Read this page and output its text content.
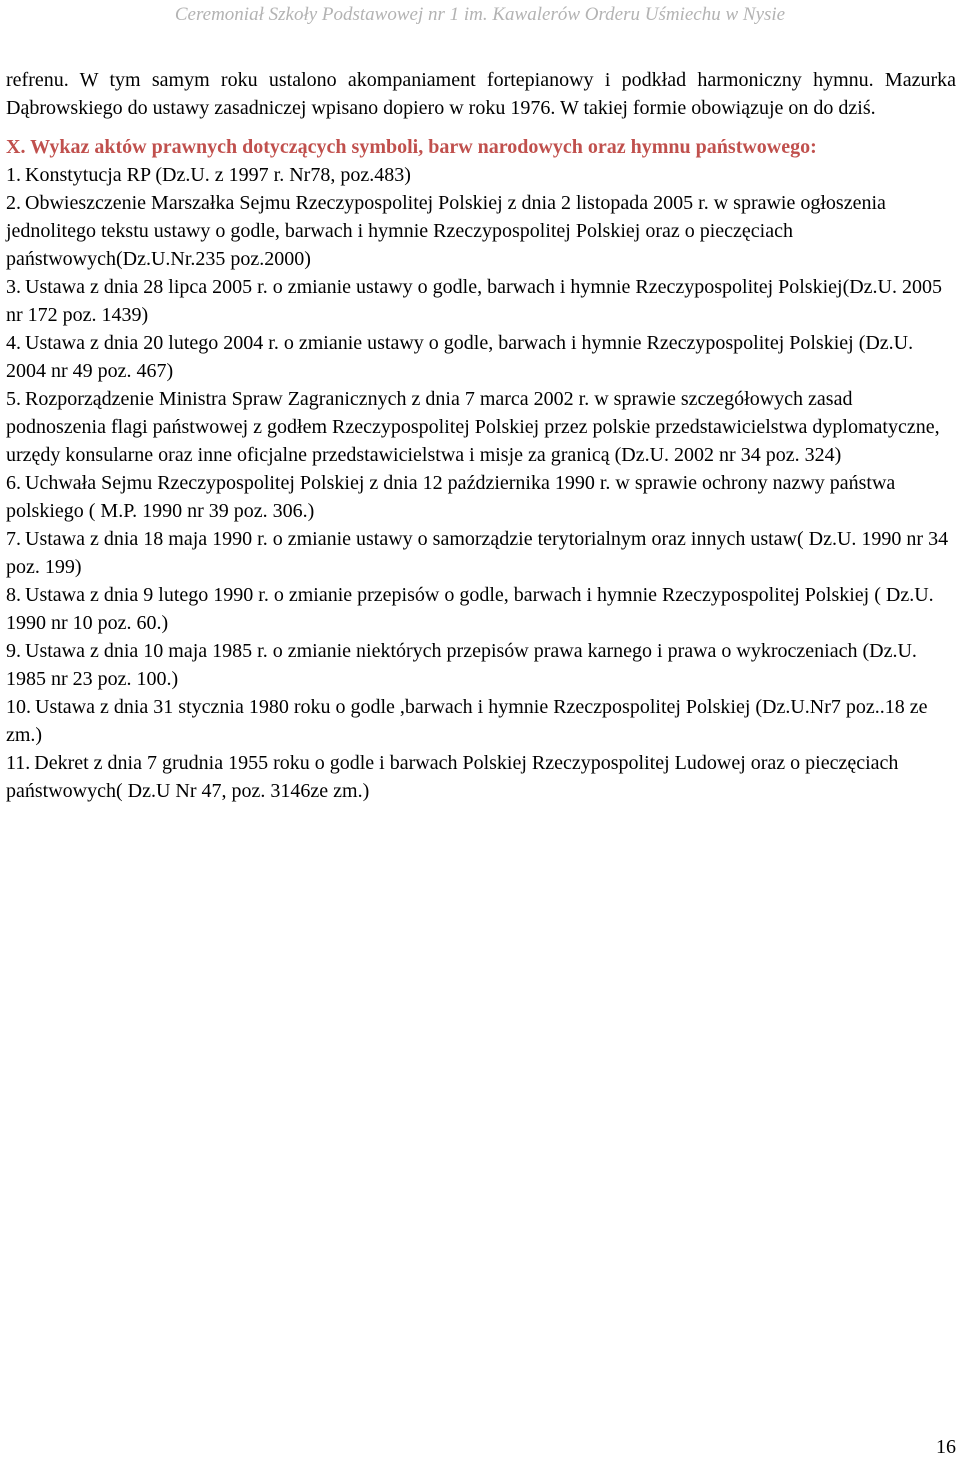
Ceremoniał Szkoły Podstawowej nr 1 im. Kawalerów Orderu Uśmiechu w Nysie

refrenu. W tym samym roku ustalono akompaniament fortepianowy i podkład harmoniczny hymnu. Mazurka Dąbrowskiego do ustawy zasadniczej wpisano dopiero w roku 1976. W takiej formie obowiązuje on do dziś.

X. Wykaz aktów prawnych dotyczących symboli, barw narodowych oraz hymnu państwowego:

1. Konstytucja RP (Dz.U. z 1997 r. Nr78, poz.483)
2. Obwieszczenie Marszałka Sejmu Rzeczypospolitej Polskiej z dnia 2 listopada 2005 r. w sprawie ogłoszenia jednolitego tekstu ustawy o godle, barwach i hymnie Rzeczypospolitej Polskiej oraz o pieczęciach państwowych(Dz.U.Nr.235 poz.2000)
3. Ustawa z dnia 28 lipca 2005 r. o zmianie ustawy o godle, barwach i hymnie Rzeczypospolitej Polskiej(Dz.U. 2005 nr 172 poz. 1439)
4. Ustawa z dnia 20 lutego 2004 r. o zmianie ustawy o godle, barwach i hymnie Rzeczypospolitej Polskiej (Dz.U. 2004 nr 49 poz. 467)
5. Rozporządzenie Ministra Spraw Zagranicznych z dnia 7 marca 2002 r. w sprawie szczegółowych zasad podnoszenia flagi państwowej z godłem Rzeczypospolitej Polskiej przez polskie przedstawicielstwa dyplomatyczne, urzędy konsularne oraz inne oficjalne przedstawicielstwa i misje za granicą (Dz.U. 2002 nr 34 poz. 324)
6. Uchwała Sejmu Rzeczypospolitej Polskiej z dnia 12 października 1990 r. w sprawie ochrony nazwy państwa polskiego ( M.P. 1990 nr 39 poz. 306.)
7. Ustawa z dnia 18 maja 1990 r. o zmianie ustawy o samorządzie terytorialnym oraz innych ustaw( Dz.U. 1990 nr 34 poz. 199)
8. Ustawa z dnia 9 lutego 1990 r. o zmianie przepisów o godle, barwach i hymnie Rzeczypospolitej Polskiej ( Dz.U. 1990 nr 10 poz. 60.)
9. Ustawa z dnia 10 maja 1985 r. o zmianie niektórych przepisów prawa karnego i prawa o wykroczeniach (Dz.U. 1985 nr 23 poz. 100.)
10. Ustawa z dnia 31 stycznia 1980 roku o godle ,barwach i hymnie Rzeczpospolitej Polskiej (Dz.U.Nr7 poz..18 ze zm.)
11. Dekret z dnia 7 grudnia 1955 roku o godle i barwach Polskiej Rzeczypospolitej Ludowej oraz o pieczęciach państwowych( Dz.U Nr 47, poz. 3146ze zm.)
16
